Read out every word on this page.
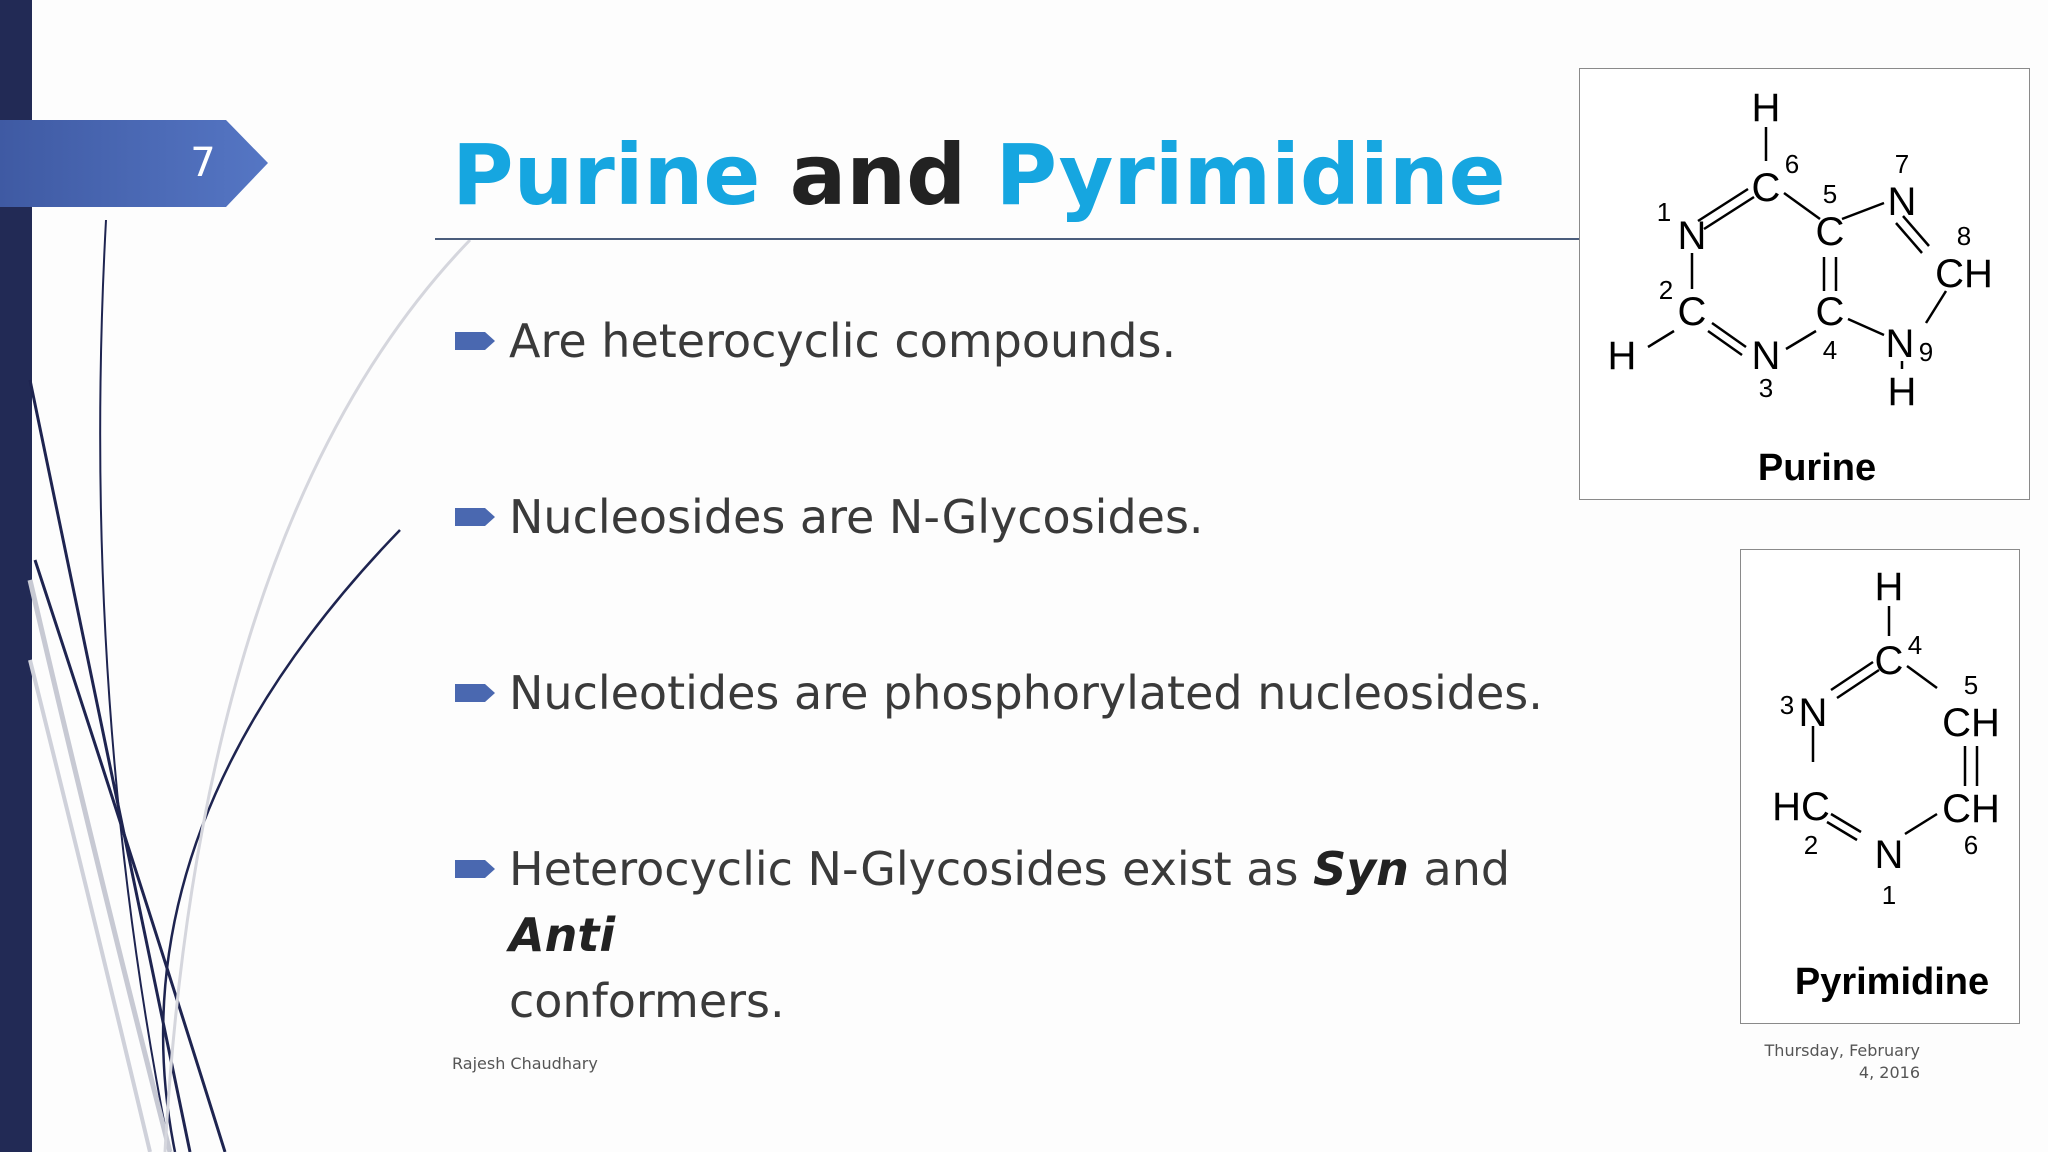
7	Purine and Pyrimidine
Are heterocyclic compounds.
Nucleosides are N-Glycosides.
Nucleotides are phosphorylated nucleosides.
Heterocyclic N-Glycosides exist as Syn and Anti
conformers.
Rajesh Chaudhary
Thursday, February
4, 2016
H
C
6
C
5 N
7
N
1
CH
8
C
2	C
4
H	N
3
N 9
H
Purine
H
C 4
N
3	CH
5
HC
2
CH
6
N
1
Pyrimidine
